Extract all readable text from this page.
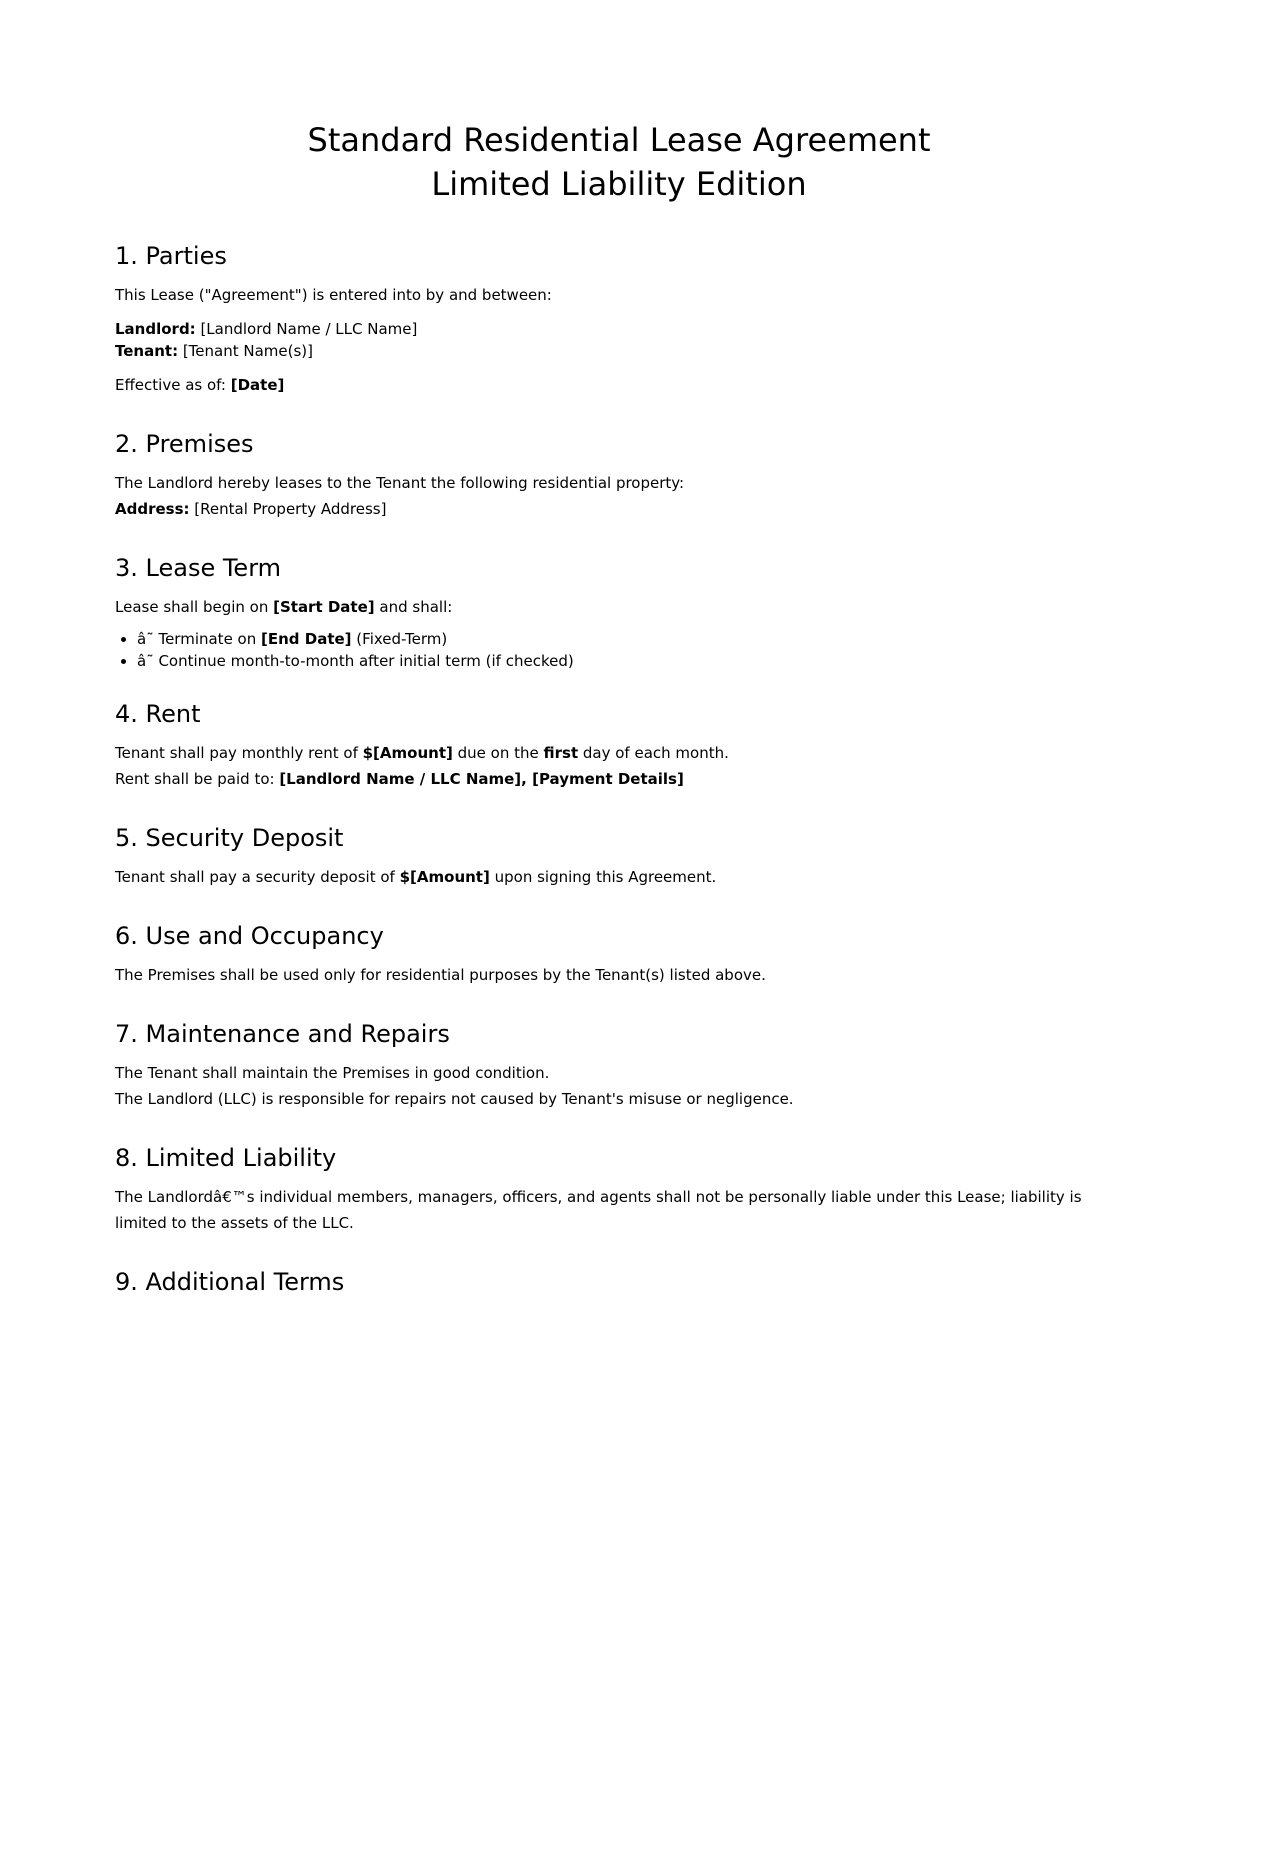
Standard Residential Lease Agreement
Limited Liability Edition
1. Parties

This Lease ("Agreement") is entered into by and between:

Landlord: [Landlord Name / LLC Name]

Tenant: [Tenant Name(s)]

Effective as of: [Date]

2. Premises

The Landlord hereby leases to the Tenant the following residential property:

Address: [Rental Property Address]

3. Lease Term

Lease shall begin on [Start Date] and shall:

• â˜ Terminate on [End Date] (Fixed-Term)
• â˜ Continue month-to-month after initial term (if checked)
4. Rent

Tenant shall pay monthly rent of $[Amount] due on the first day of each month.

Rent shall be paid to: [Landlord Name / LLC Name], [Payment Details]

5. Security Deposit

Tenant shall pay a security deposit of $[Amount] upon signing this Agreement.

6. Use and Occupancy

The Premises shall be used only for residential purposes by the Tenant(s) listed above.

7. Maintenance and Repairs

The Tenant shall maintain the Premises in good condition.

The Landlord (LLC) is responsible for repairs not caused by Tenant's misuse or negligence.

8. Limited Liability

The Landlordâ€™s individual members, managers, officers, and agents shall not be personally liable under this Lease; liability is limited to the assets of the LLC.

9. Additional Terms
